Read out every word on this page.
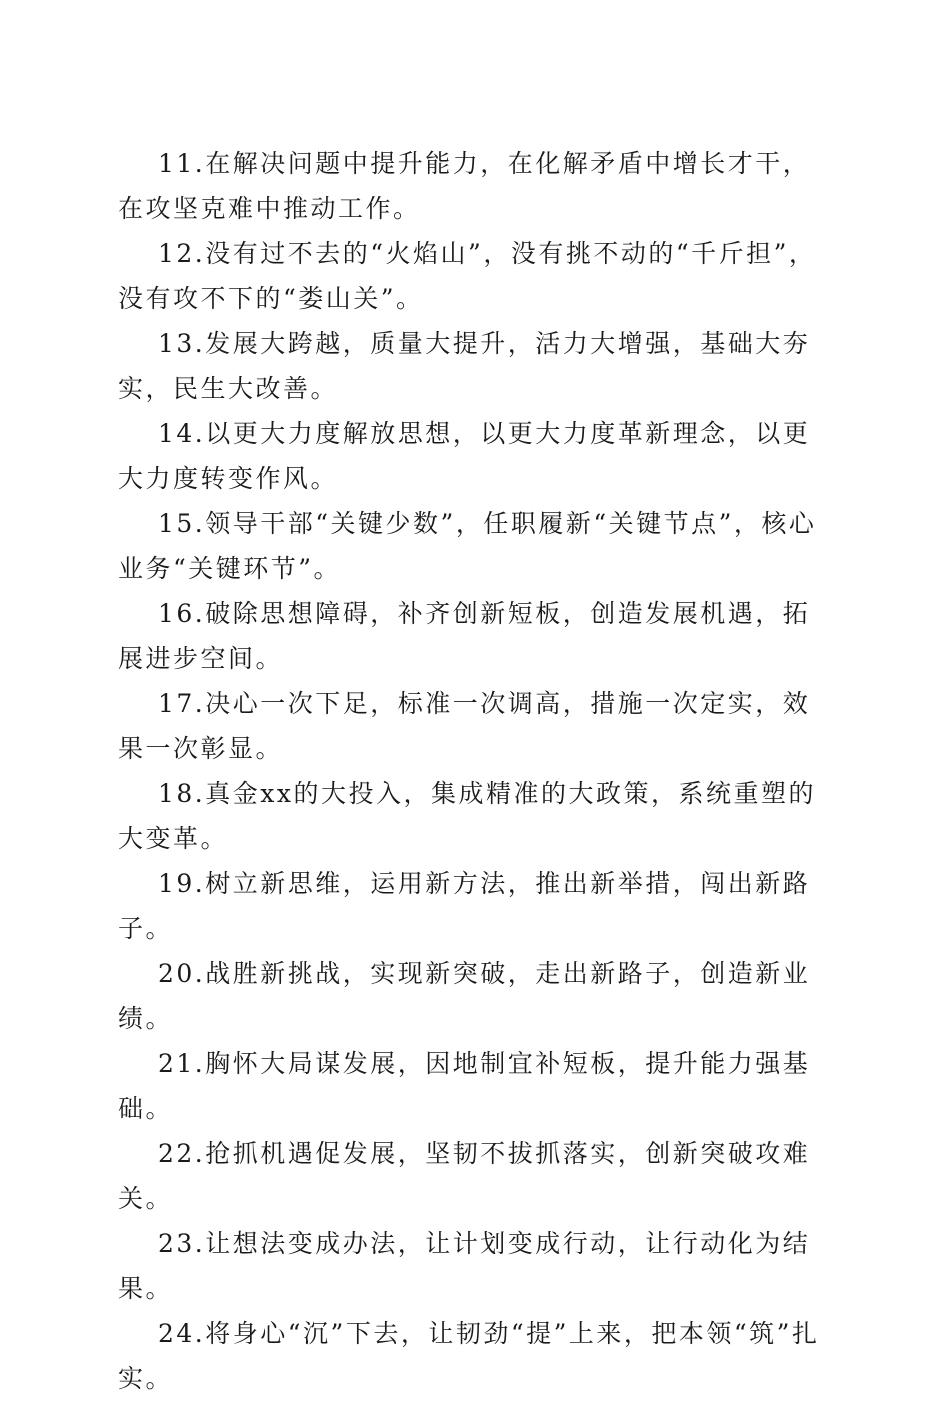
11.在解决问题中提升能力，在化解矛盾中增长才干，在攻坚克难中推动工作。

12.没有过不去的“火焰山”，没有挑不动的“千斤担”，没有攻不下的“娄山关”。

13.发展大跨越，质量大提升，活力大增强，基础大夯实，民生大改善。

14.以更大力度解放思想，以更大力度革新理念，以更大力度转变作风。

15.领导干部“关键少数”，任职履新“关键节点”，核心业务“关键环节”。

16.破除思想障碍，补齐创新短板，创造发展机遇，拓展进步空间。

17.决心一次下足，标准一次调高，措施一次定实，效果一次彰显。

18.真金xx的大投入，集成精准的大政策，系统重塑的大变革。

19.树立新思维，运用新方法，推出新举措，闯出新路子。

20.战胜新挑战，实现新突破，走出新路子，创造新业绩。

21.胸怀大局谋发展，因地制宜补短板，提升能力强基础。

22.抢抓机遇促发展，坚韧不拔抓落实，创新突破攻难关。

23.让想法变成办法，让计划变成行动，让行动化为结果。

24.将身心“沉”下去，让韧劲“提”上来，把本领“筑”扎实。
